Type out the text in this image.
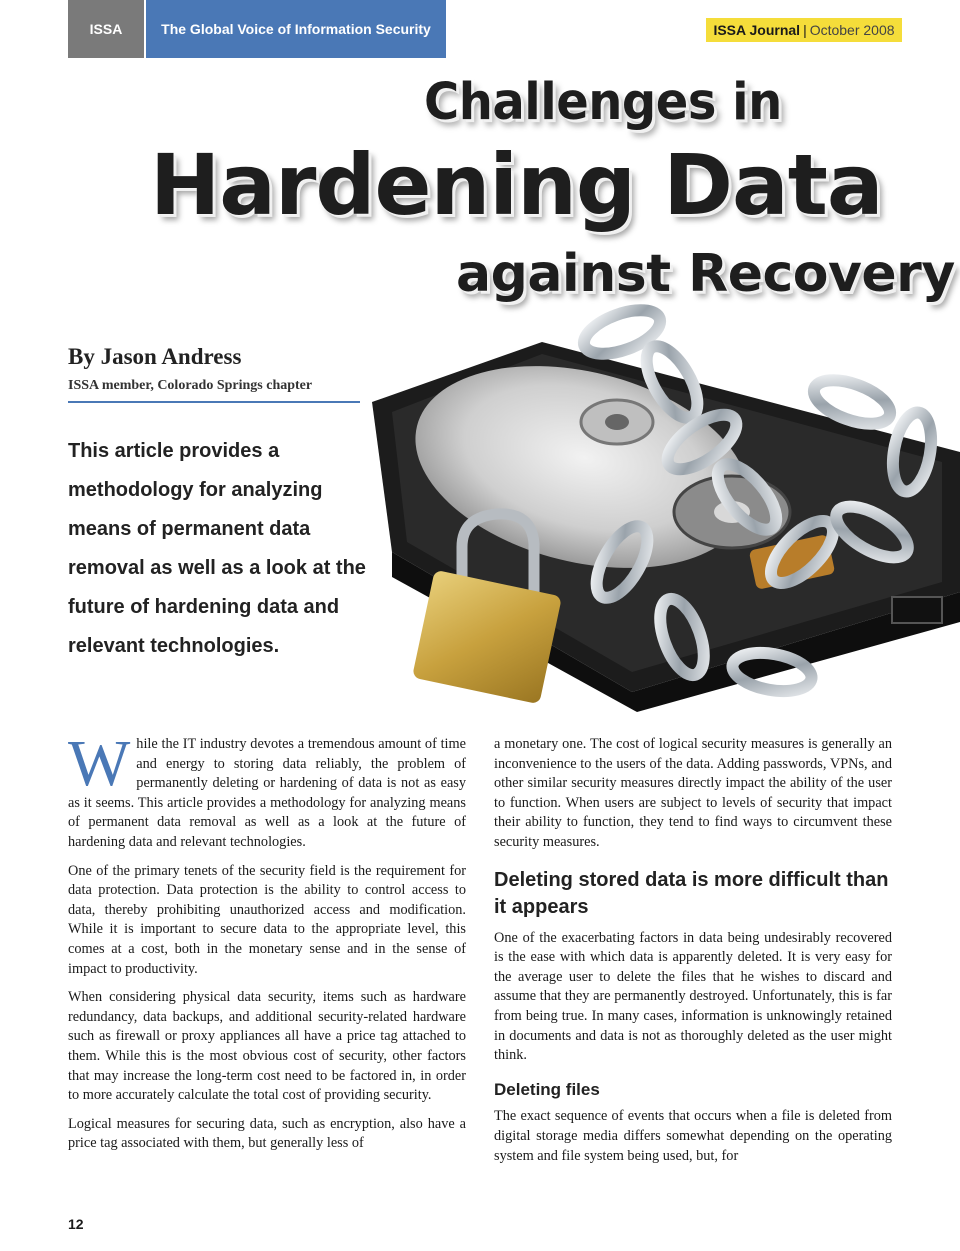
ISSA	The Global Voice of Information Security	ISSA Journal | October 2008
Challenges in
Hardening Data
against Recovery
By Jason Andress
ISSA member, Colorado Springs chapter
This article provides a methodology for analyzing means of permanent data removal as well as a look at the future of hardening data and relevant technologies.

While the IT industry devotes a tremendous amount of time and energy to storing data reliably, the problem of permanently deleting or hardening of data is not as easy as it seems. This article provides a methodology for analyzing means of permanent data removal as well as a look at the future of hardening data and relevant technologies.

One of the primary tenets of the security field is the requirement for data protection. Data protection is the ability to control access to data, thereby prohibiting unauthorized access and modification. While it is important to secure data to the appropriate level, this comes at a cost, both in the monetary sense and in the sense of impact to productivity.

When considering physical data security, items such as hardware redundancy, data backups, and additional security-related hardware such as firewall or proxy appliances all have a price tag attached to them. While this is the most obvious cost of security, other factors that may increase the long-term cost need to be factored in, in order to more accurately calculate the total cost of providing security.

Logical measures for securing data, such as encryption, also have a price tag associated with them, but generally less of

a monetary one. The cost of logical security measures is generally an inconvenience to the users of the data. Adding passwords, VPNs, and other similar security measures directly impact the ability of the user to function. When users are subject to levels of security that impact their ability to function, they tend to find ways to circumvent these security measures.

Deleting stored data is more difficult than it appears

One of the exacerbating factors in data being undesirably recovered is the ease with which data is apparently deleted. It is very easy for the average user to delete the files that he wishes to discard and assume that they are permanently destroyed. Unfortunately, this is far from being true. In many cases, information is unknowingly retained in documents and data is not as thoroughly deleted as the user might think.

Deleting files

The exact sequence of events that occurs when a file is deleted from digital storage media differs somewhat depending on the operating system and file system being used, but, for

12
